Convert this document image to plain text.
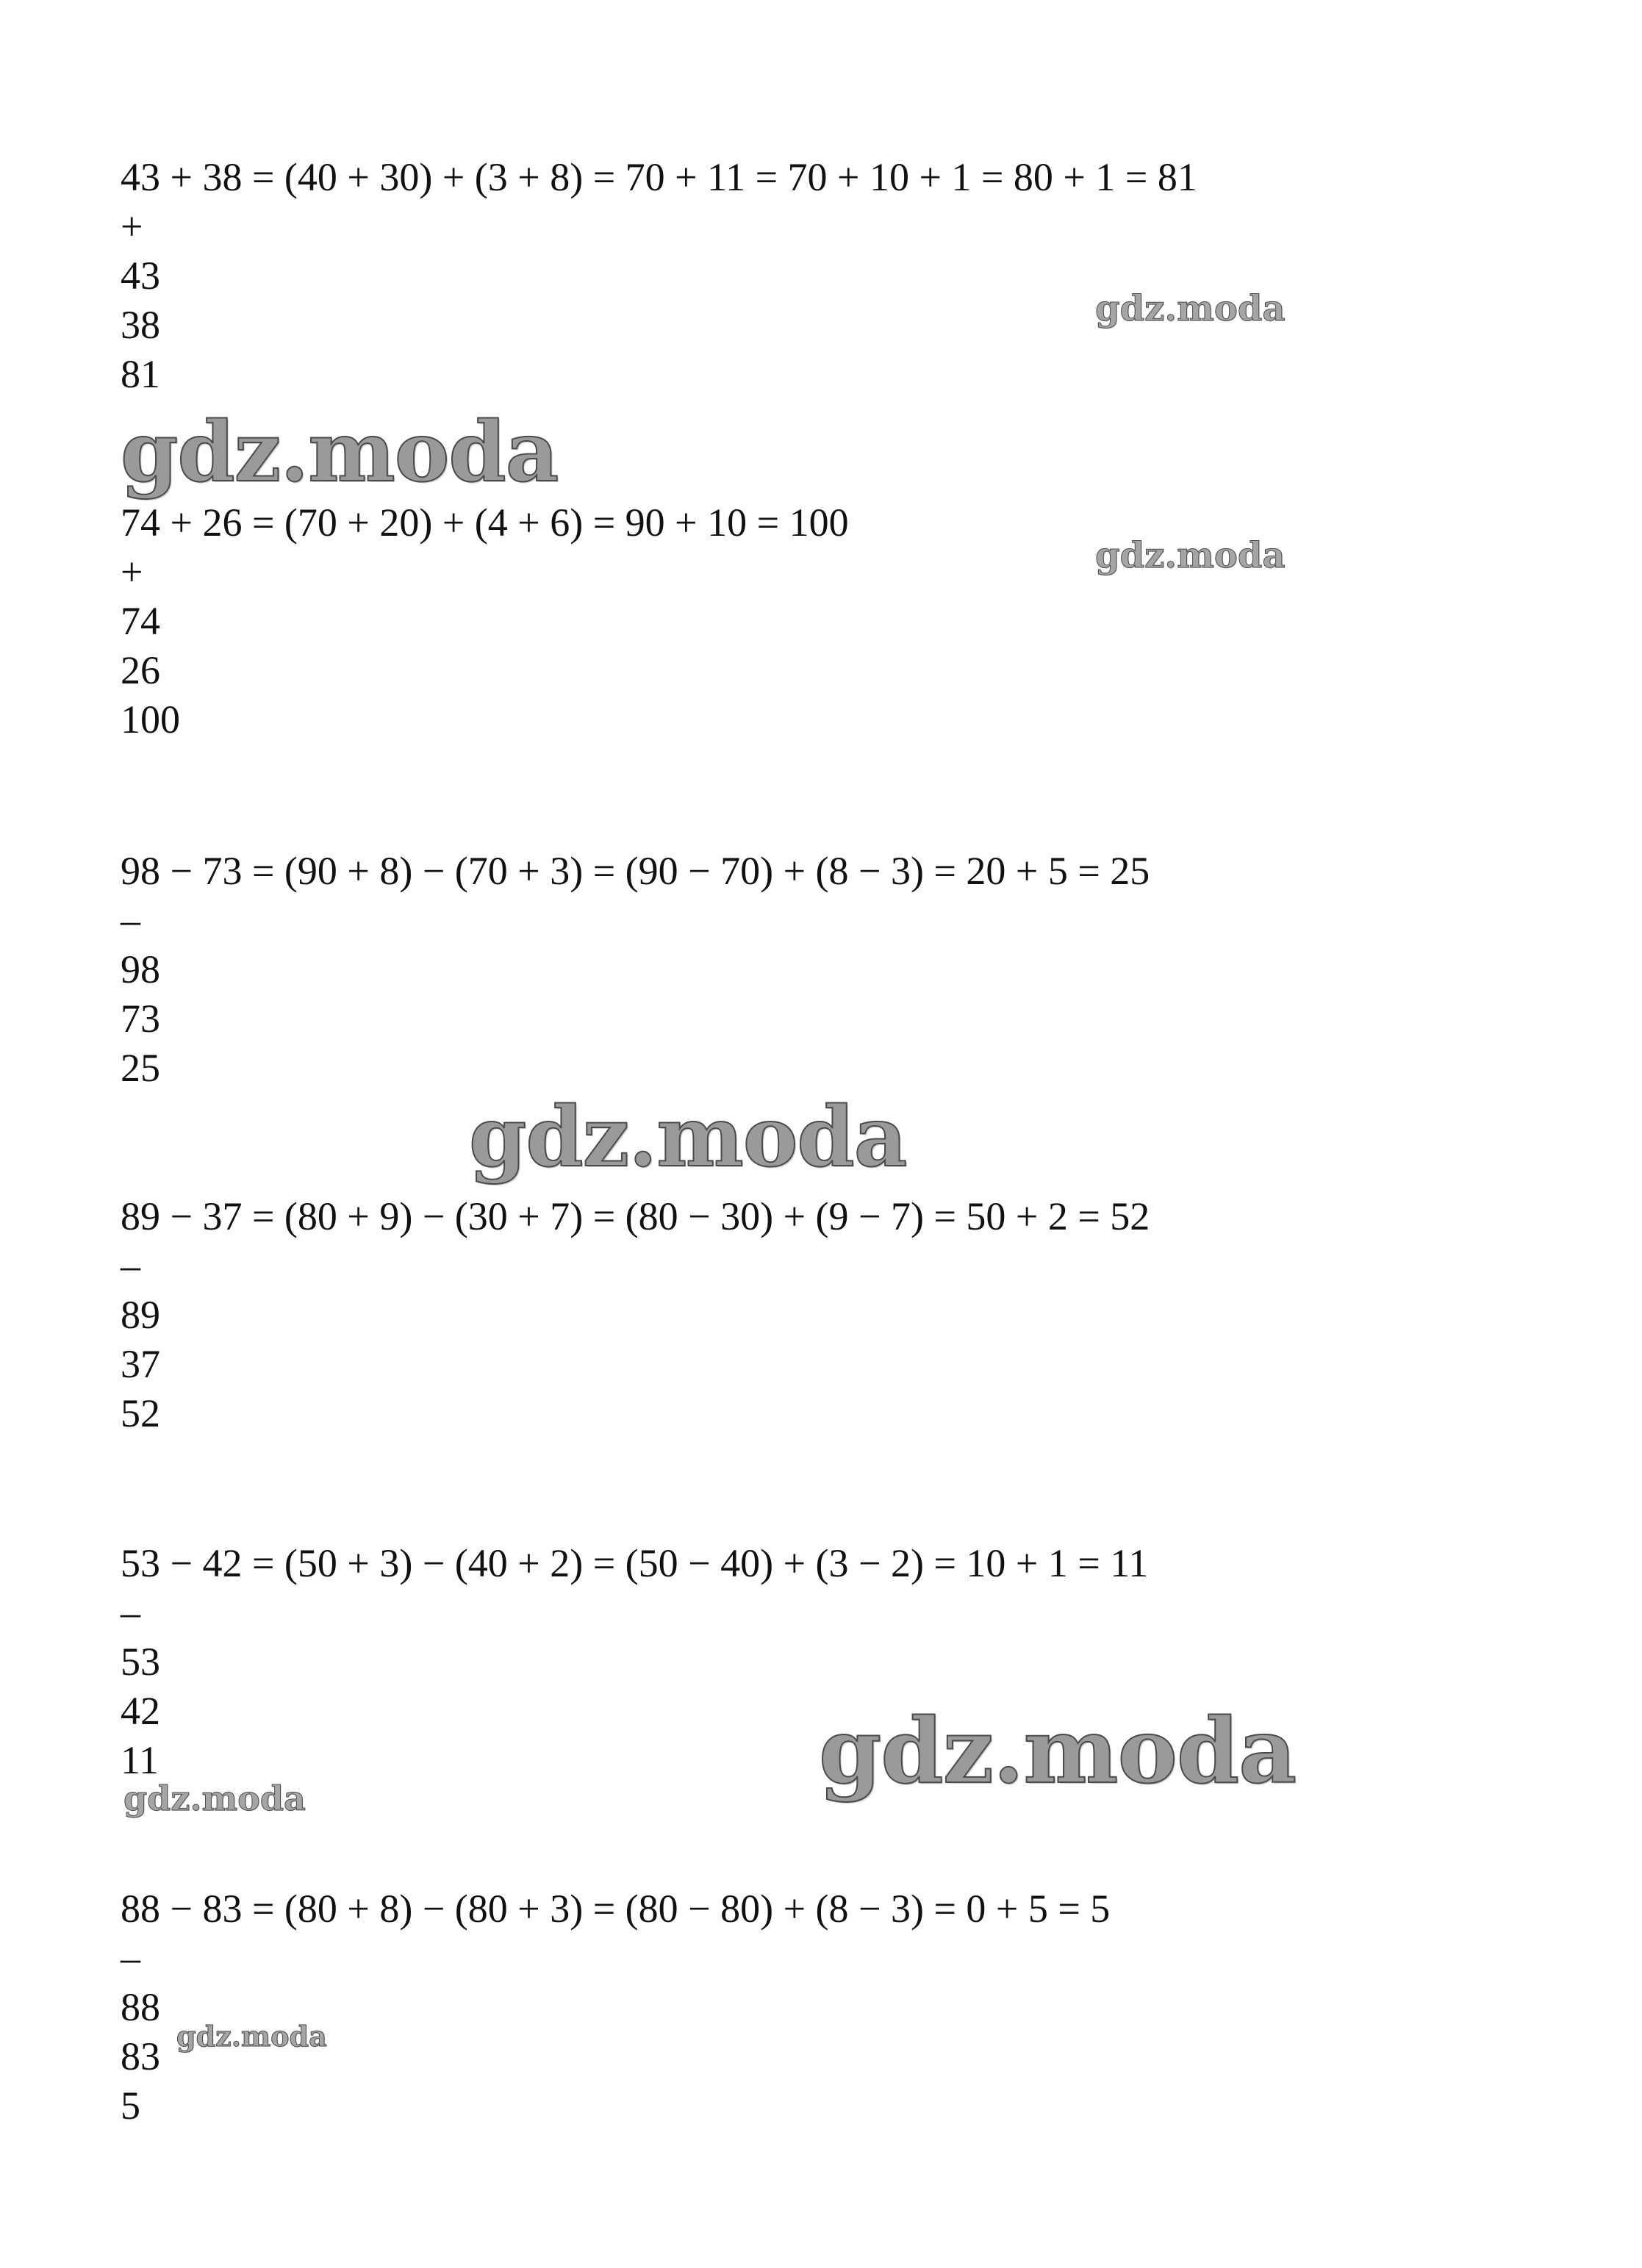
43 + 38 = (40 + 30) + (3 + 8) = 70 + 11 = 70 + 10 + 1 = 80 + 1 = 81
+
43
38
81
74 + 26 = (70 + 20) + (4 + 6) = 90 + 10 = 100
+
74
26
100
98 − 73 = (90 + 8) − (70 + 3) = (90 − 70) + (8 − 3) = 20 + 5 = 25
–
98
73
25
89 − 37 = (80 + 9) − (30 + 7) = (80 − 30) + (9 − 7) = 50 + 2 = 52
–
89
37
52
53 − 42 = (50 + 3) − (40 + 2) = (50 − 40) + (3 − 2) = 10 + 1 = 11
–
53
42
11
88 − 83 = (80 + 8) − (80 + 3) = (80 − 80) + (8 − 3) = 0 + 5 = 5
–
88
83
5
gdz.moda
gdz.moda
gdz.moda
gdz.moda
gdz.moda
gdz.moda
gdz.moda
